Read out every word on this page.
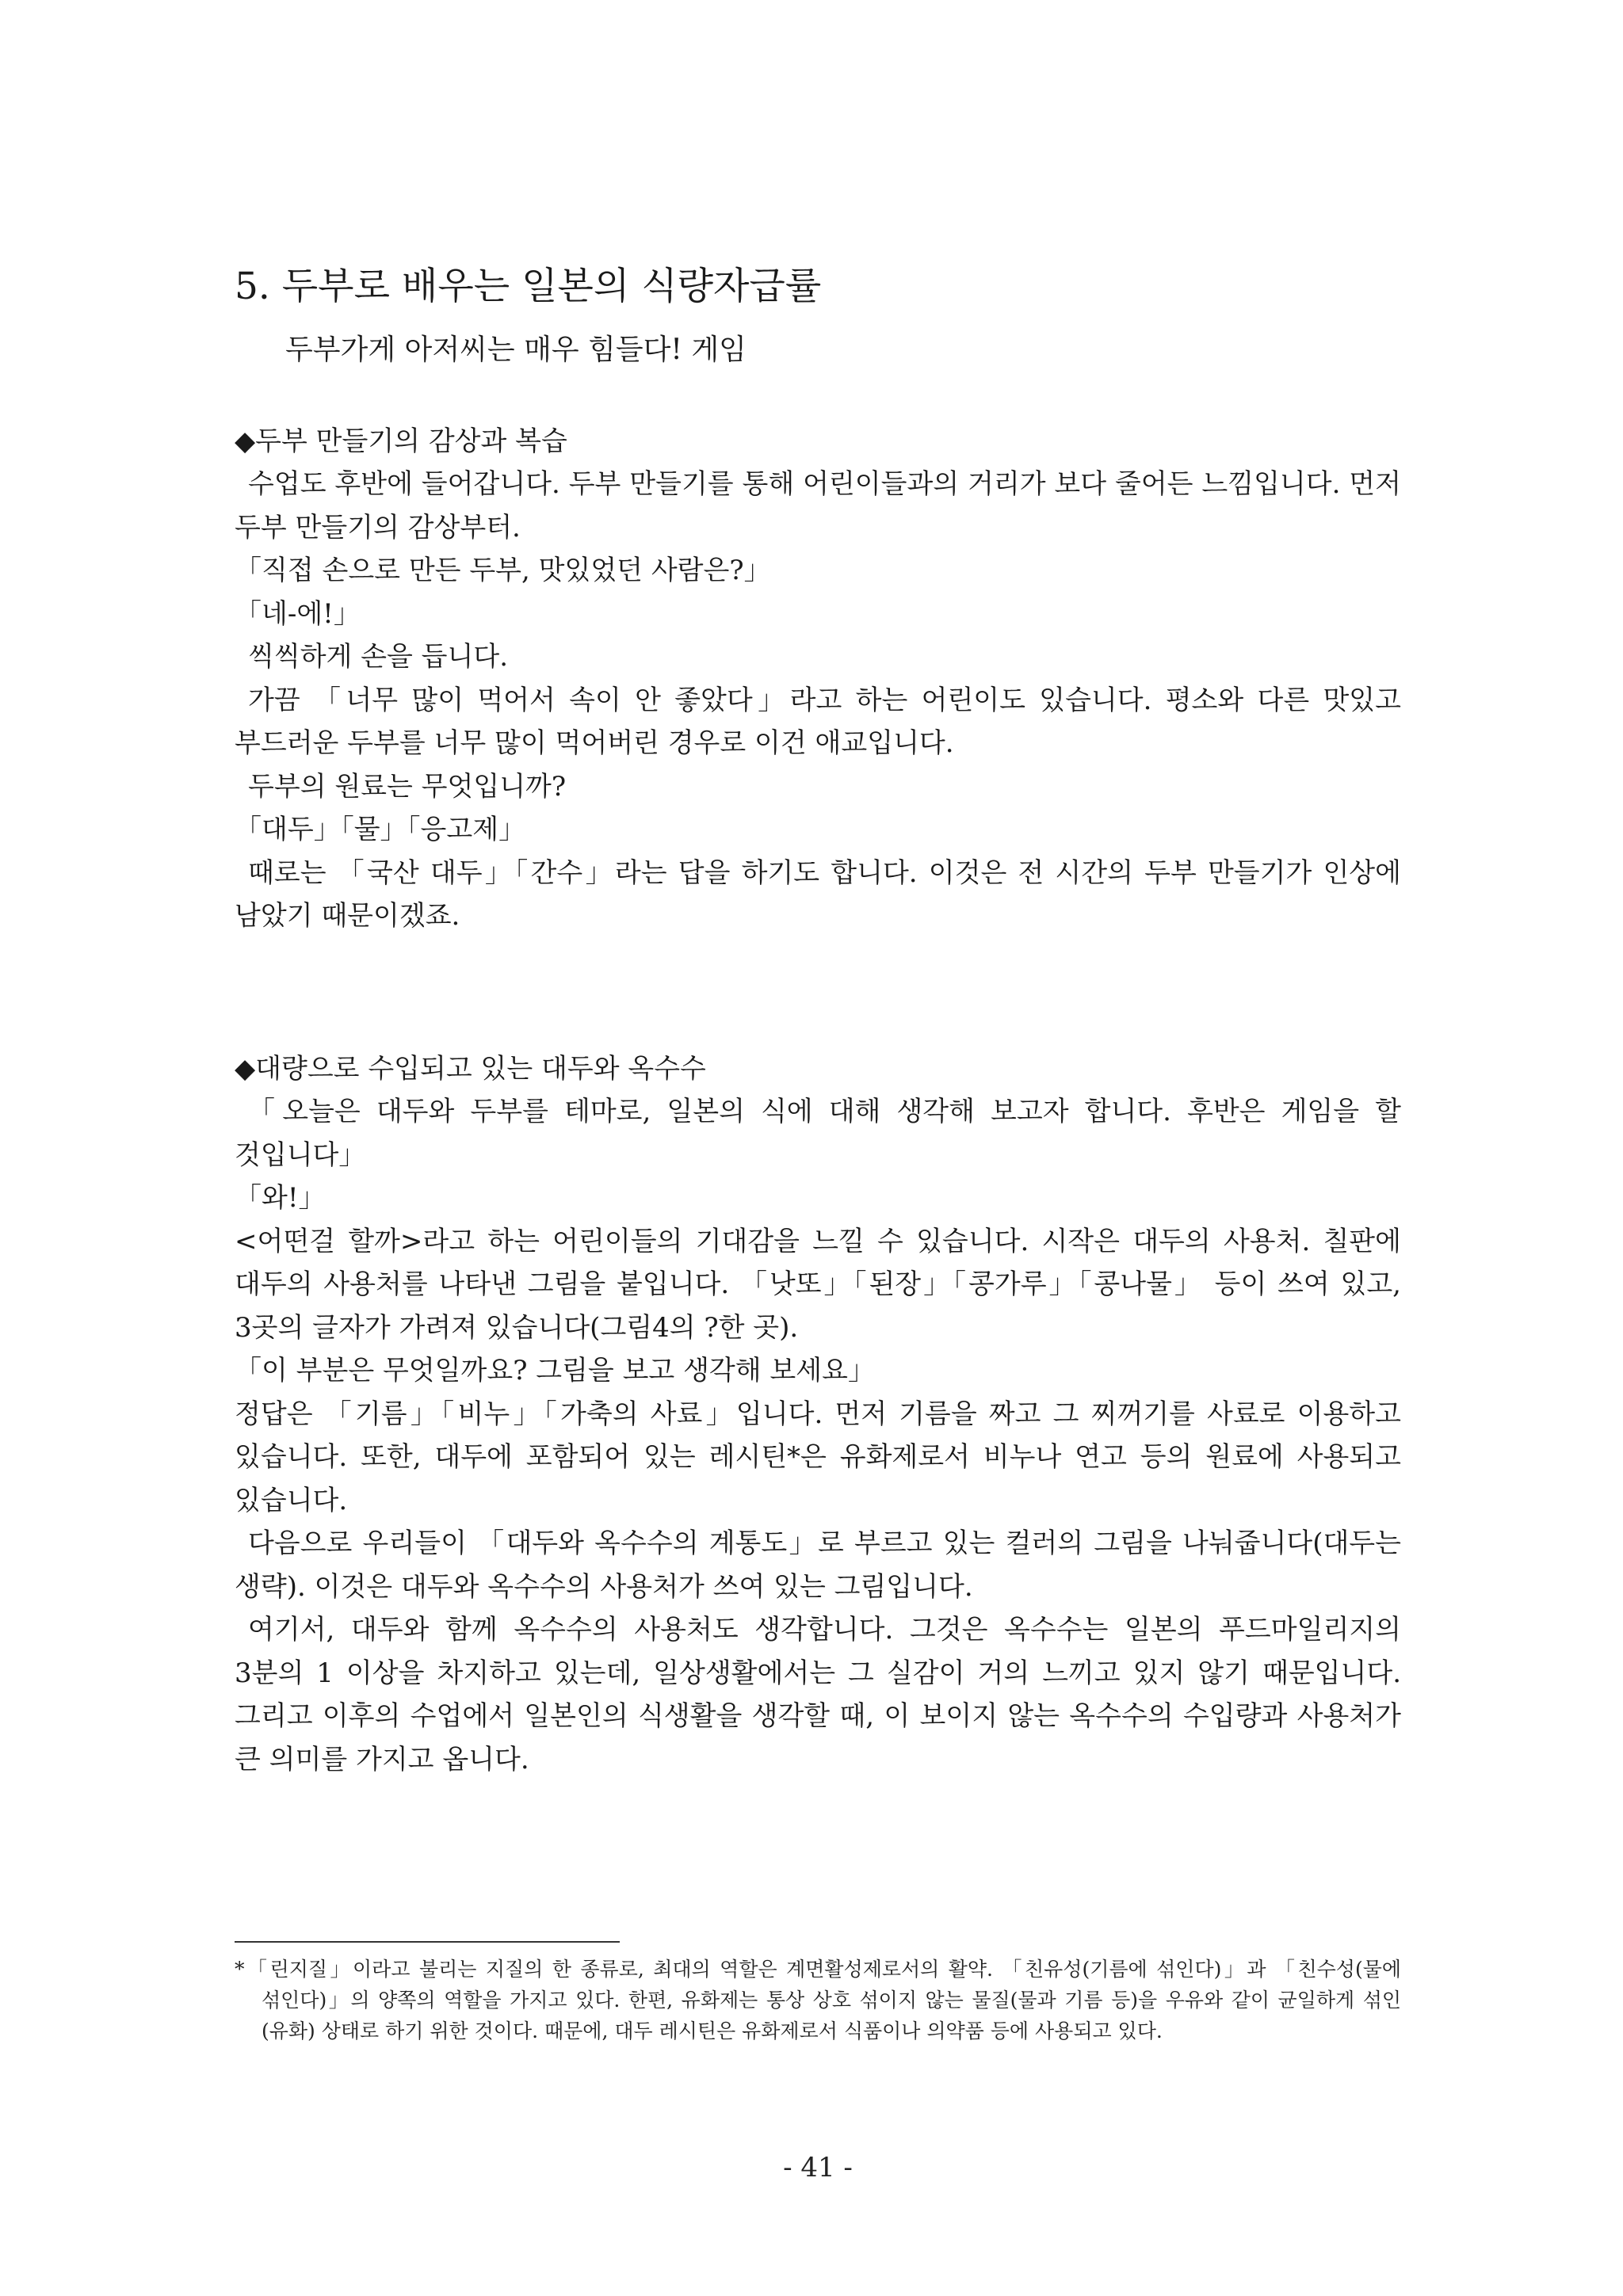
5. 두부로 배우는 일본의 식량자급률
두부가게 아저씨는 매우 힘들다! 게임

◆두부 만들기의 감상과 복습

수업도 후반에 들어갑니다. 두부 만들기를 통해 어린이들과의 거리가 보다 줄어든 느낌입니다. 먼저 두부 만들기의 감상부터.

「직접 손으로 만든 두부, 맛있었던 사람은?」

「네-에!」

씩씩하게 손을 듭니다.

가끔 「너무 많이 먹어서 속이 안 좋았다」라고 하는 어린이도 있습니다. 평소와 다른 맛있고 부드러운 두부를 너무 많이 먹어버린 경우로 이건 애교입니다.

두부의 원료는 무엇입니까?

「대두」「물」「응고제」

때로는 「국산 대두」「간수」라는 답을 하기도 합니다. 이것은 전 시간의 두부 만들기가 인상에 남았기 때문이겠죠.

◆대량으로 수입되고 있는 대두와 옥수수

「오늘은 대두와 두부를 테마로, 일본의 식에 대해 생각해 보고자 합니다. 후반은 게임을 할 것입니다」

「와!」

<어떤걸 할까>라고 하는 어린이들의 기대감을 느낄 수 있습니다. 시작은 대두의 사용처. 칠판에 대두의 사용처를 나타낸 그림을 붙입니다. 「낫또」「된장」「콩가루」「콩나물」 등이 쓰여 있고, 3곳의 글자가 가려져 있습니다(그림4의 ?한 곳).

「이 부분은 무엇일까요? 그림을 보고 생각해 보세요」

정답은 「기름」「비누」「가축의 사료」입니다. 먼저 기름을 짜고 그 찌꺼기를 사료로 이용하고 있습니다. 또한, 대두에 포함되어 있는 레시틴*은 유화제로서 비누나 연고 등의 원료에 사용되고 있습니다.

다음으로 우리들이 「대두와 옥수수의 계통도」로 부르고 있는 컬러의 그림을 나눠줍니다(대두는 생략). 이것은 대두와 옥수수의 사용처가 쓰여 있는 그림입니다.

여기서, 대두와 함께 옥수수의 사용처도 생각합니다. 그것은 옥수수는 일본의 푸드마일리지의 3분의 1 이상을 차지하고 있는데, 일상생활에서는 그 실감이 거의 느끼고 있지 않기 때문입니다. 그리고 이후의 수업에서 일본인의 식생활을 생각할 때, 이 보이지 않는 옥수수의 수입량과 사용처가 큰 의미를 가지고 옵니다.

*「린지질」이라고 불리는 지질의 한 종류로, 최대의 역할은 계면활성제로서의 활약. 「친유성(기름에 섞인다)」과 「친수성(물에 섞인다)」의 양쪽의 역할을 가지고 있다. 한편, 유화제는 통상 상호 섞이지 않는 물질(물과 기름 등)을 우유와 같이 균일하게 섞인(유화) 상태로 하기 위한 것이다. 때문에, 대두 레시틴은 유화제로서 식품이나 의약품 등에 사용되고 있다.
- 41 -
